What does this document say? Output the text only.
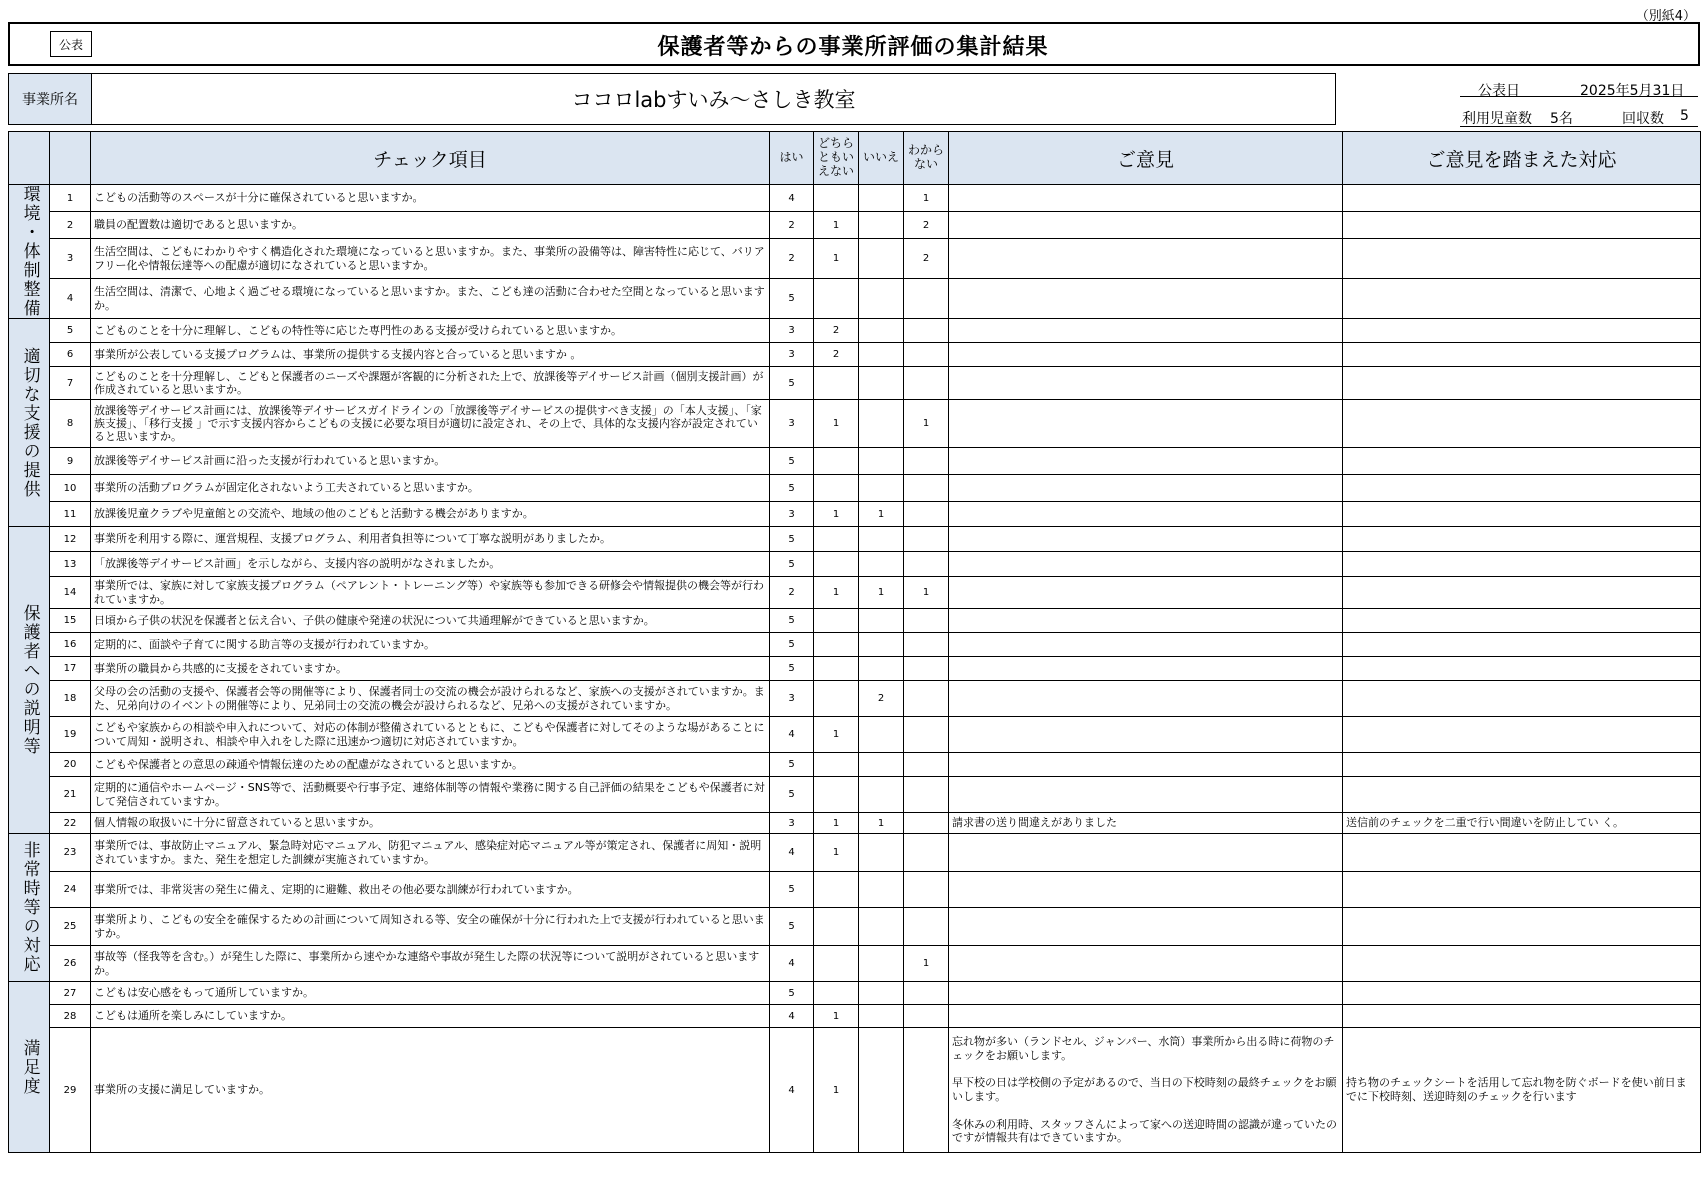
（別紙4）
公表	保護者等からの事業所評価の集計結果
事業所名	ココロlabすいみ～さしき教室	公表日	2025年5月31日
利用児童数 5名	回収数 5
		チェック項目	はい	どちらともいえない	いいえ	わからない	ご意見	ご意見を踏まえた対応
環境・体制整備	1	こどもの活動等のスペースが十分に確保されていると思いますか。	4			1		
	2	職員の配置数は適切であると思いますか。	2	1		2		
	3	生活空間は、こどもにわかりやすく構造化された環境になっていると思いますか。また、事業所の設備等は、障害特性に応じて、バリアフリー化や情報伝達等への配慮が適切になされていると思いますか。	2	1		2		
	4	生活空間は、清潔で、心地よく過ごせる環境になっていると思いますか。また、こども達の活動に合わせた空間となっていると思いますか。	5					
適切な支援の提供	5	こどものことを十分に理解し、こどもの特性等に応じた専門性のある支援が受けられていると思いますか。	3	2				
	6	事業所が公表している支援プログラムは、事業所の提供する支援内容と合っていると思いますか 。	3	2				
	7	こどものことを十分理解し、こどもと保護者のニーズや課題が客観的に分析された上で、放課後等デイサービス計画（個別支援計画）が作成されていると思いますか。	5					
	8	放課後等デイサービス計画には、放課後等デイサービスガイドラインの「放課後等デイサービスの提供すべき支援」の「本人支援」、「家族支援」、「移行支援 」で示す支援内容からこどもの支援に必要な項目が適切に設定され、その上で、具体的な支援内容が設定されていると思いますか。	3	1		1		
	9	放課後等デイサービス計画に沿った支援が行われていると思いますか。	5					
	10	事業所の活動プログラムが固定化されないよう工夫されていると思いますか。	5					
	11	放課後児童クラブや児童館との交流や、地域の他のこどもと活動する機会がありますか。	3	1	1			
保護者への説明等	12	事業所を利用する際に、運営規程、支援プログラム、利用者負担等について丁寧な説明がありましたか。	5					
	13	「放課後等デイサービス計画」を示しながら、支援内容の説明がなされましたか。	5					
	14	事業所では、家族に対して家族支援プログラム（ペアレント・トレーニング等）や家族等も参加できる研修会や情報提供の機会等が行われていますか。	2	1	1	1		
	15	日頃から子供の状況を保護者と伝え合い、子供の健康や発達の状況について共通理解ができていると思いますか。	5					
	16	定期的に、面談や子育てに関する助言等の支援が行われていますか。	5					
	17	事業所の職員から共感的に支援をされていますか。	5					
	18	父母の会の活動の支援や、保護者会等の開催等により、保護者同士の交流の機会が設けられるなど、家族への支援がされていますか。また、兄弟向けのイベントの開催等により、兄弟同士の交流の機会が設けられるなど、兄弟への支援がされていますか。	3		2			
	19	こどもや家族からの相談や申入れについて、対応の体制が整備されているとともに、こどもや保護者に対してそのような場があることについて周知・説明され、相談や申入れをした際に迅速かつ適切に対応されていますか。	4	1				
	20	こどもや保護者との意思の疎通や情報伝達のための配慮がなされていると思いますか。	5					
	21	定期的に通信やホームページ・SNS等で、活動概要や行事予定、連絡体制等の情報や業務に関する自己評価の結果をこどもや保護者に対して発信されていますか。	5					
	22	個人情報の取扱いに十分に留意されていると思いますか。	3	1	1		請求書の送り間違えがありました	送信前のチェックを二重で行い間違いを防止してい く。
非常時等の対応	23	事業所では、事故防止マニュアル、緊急時対応マニュアル、防犯マニュアル、感染症対応マニュアル等が策定され、保護者に周知・説明されていますか。また、発生を想定した訓練が実施されていますか。	4	1				
	24	事業所では、非常災害の発生に備え、定期的に避難、救出その他必要な訓練が行われていますか。	5					
	25	事業所より、こどもの安全を確保するための計画について周知される等、安全の確保が十分に行われた上で支援が行われていると思いますか。	5					
	26	事故等（怪我等を含む。）が発生した際に、事業所から速やかな連絡や事故が発生した際の状況等について説明がされていると思いますか。	4			1		
満足度	27	こどもは安心感をもって通所していますか。	5					
	28	こどもは通所を楽しみにしていますか。	4	1				
	29	事業所の支援に満足していますか。	4	1			忘れ物が多い（ランドセル、ジャンパー、水筒）事業所から出る時に荷物のチェックをお願いします。

早下校の日は学校側の予定があるので、当日の下校時刻の最終チェックをお願いします。

冬休みの利用時、スタッフさんによって家への送迎時間の認識が違っていたのですが情報共有はできていますか。	持ち物のチェックシートを活用して忘れ物を防ぐボードを使い前日までに下校時刻、送迎時刻のチェックを行います
